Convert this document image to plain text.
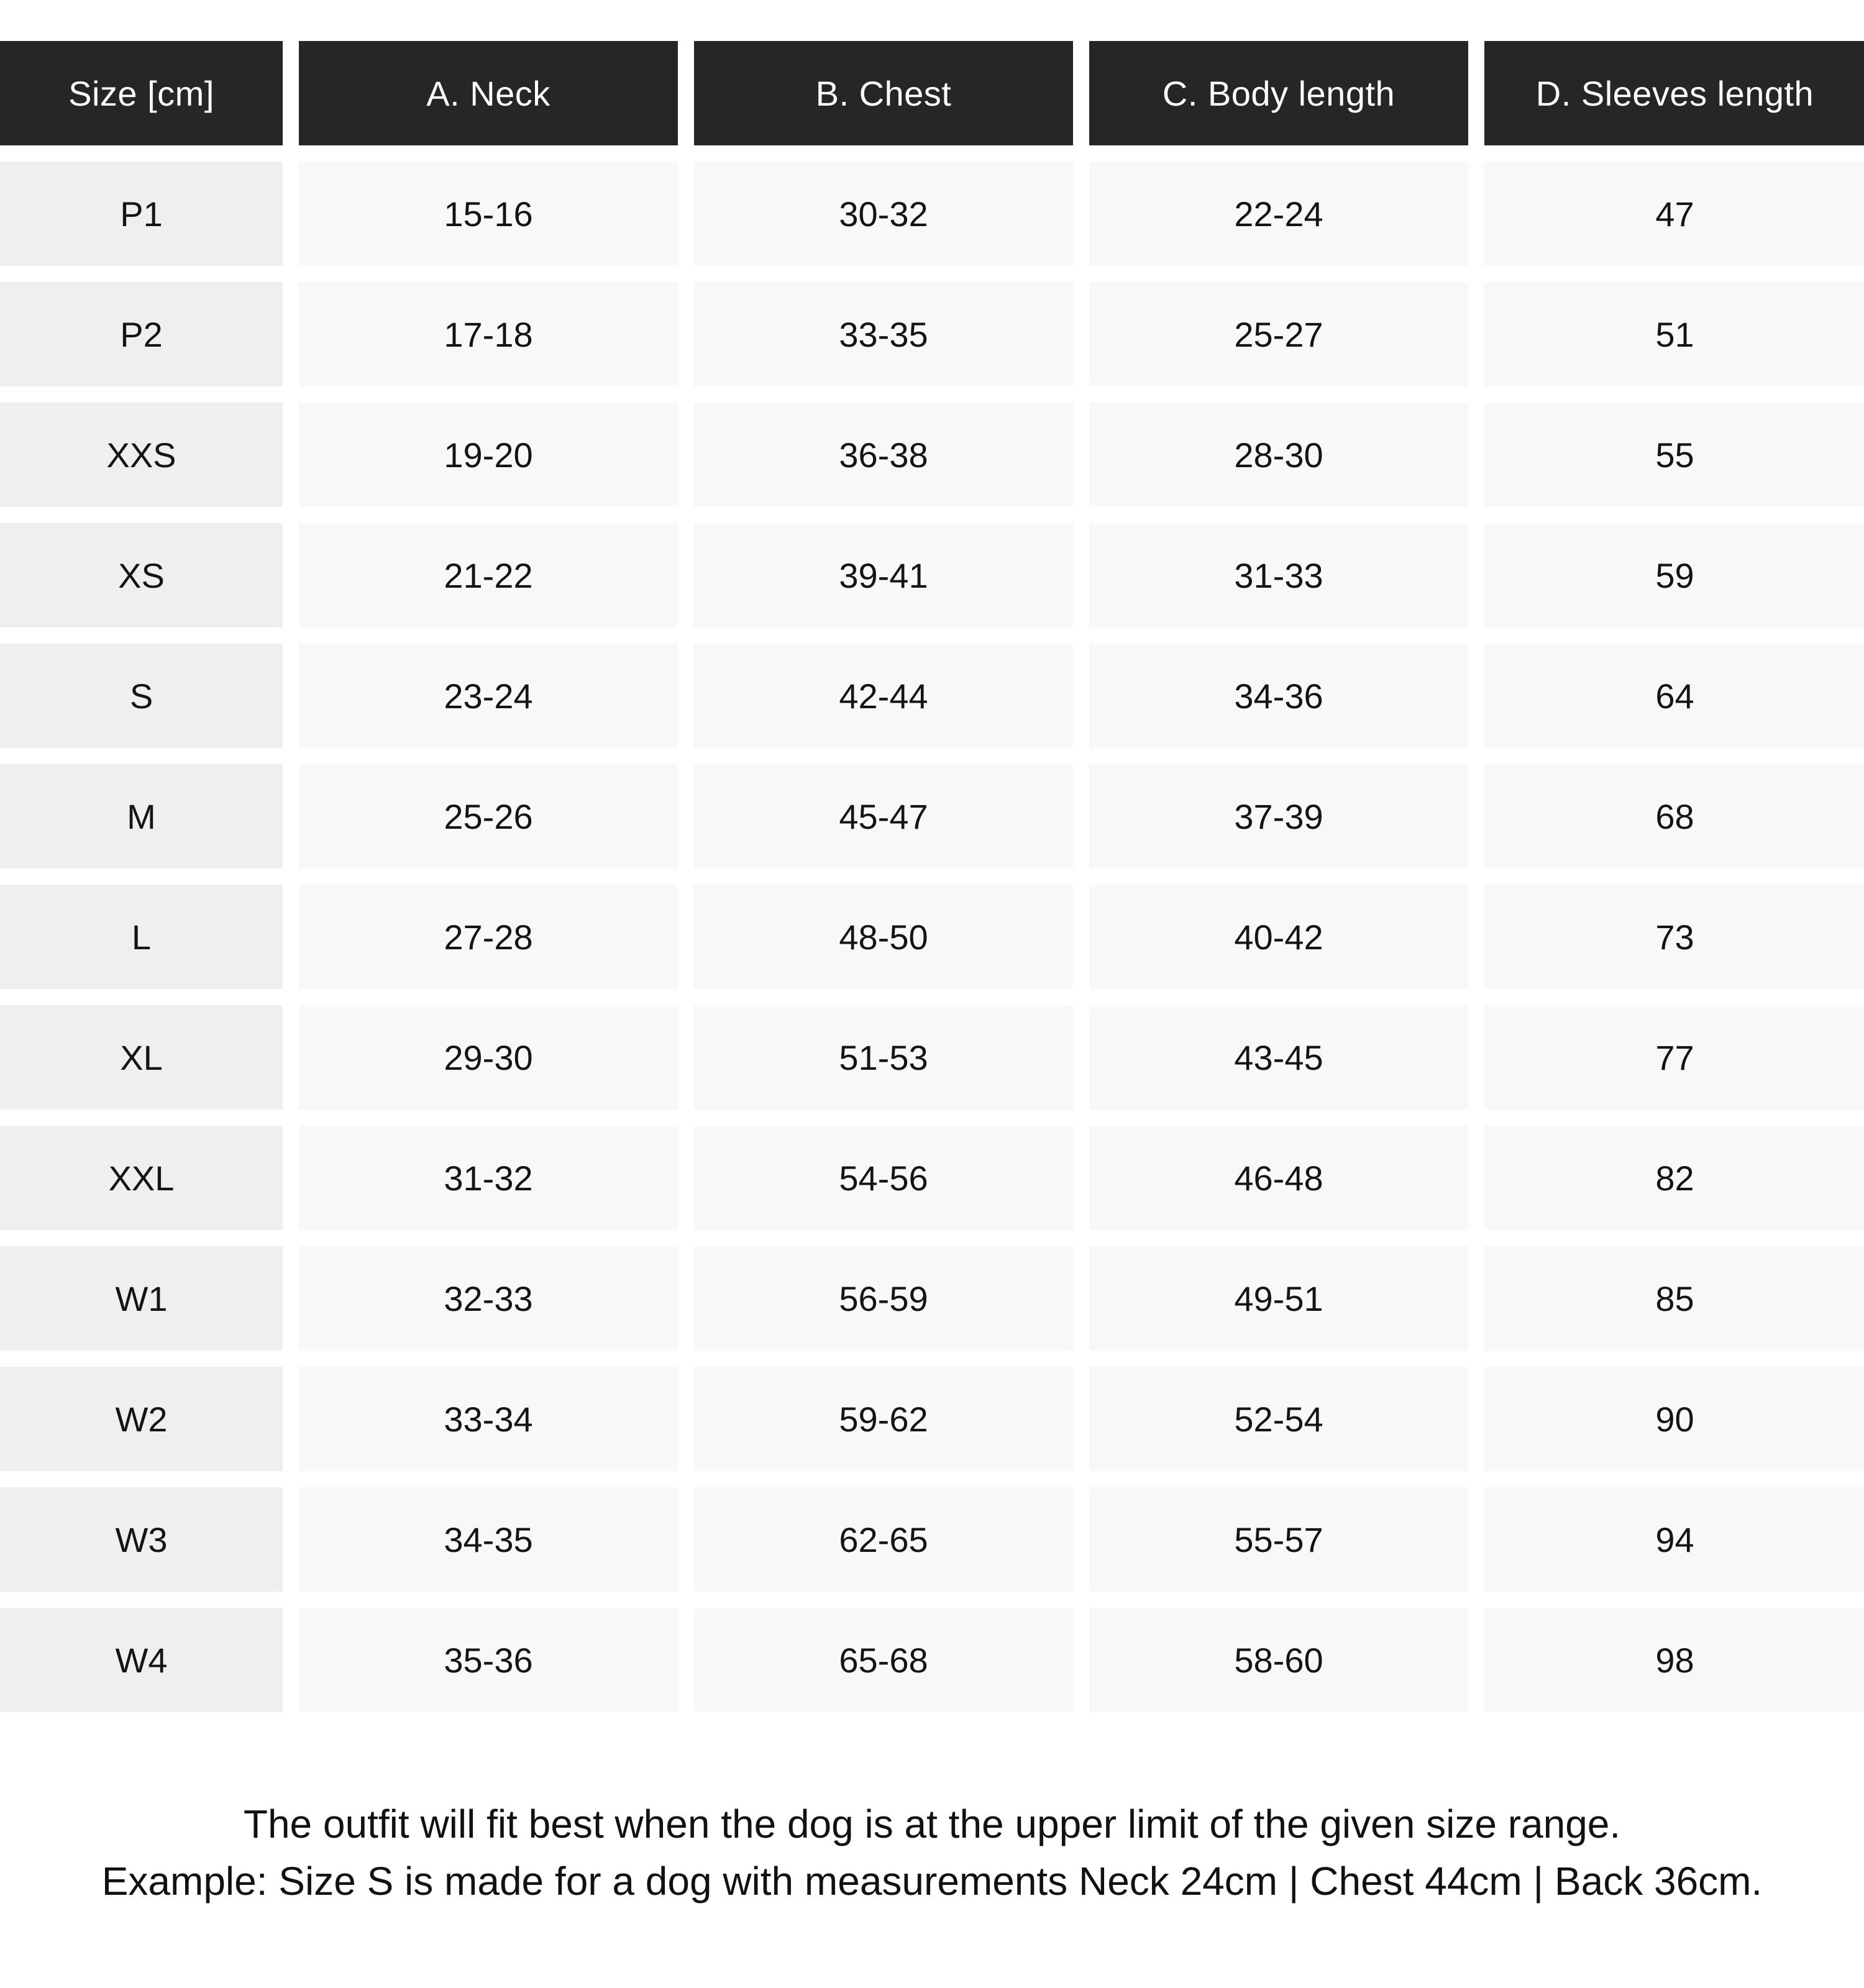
Size [cm]	A. Neck	B. Chest	C. Body length	D. Sleeves length
P1	15-16	30-32	22-24	47
P2	17-18	33-35	25-27	51
XXS	19-20	36-38	28-30	55
XS	21-22	39-41	31-33	59
S	23-24	42-44	34-36	64
M	25-26	45-47	37-39	68
L	27-28	48-50	40-42	73
XL	29-30	51-53	43-45	77
XXL	31-32	54-56	46-48	82
W1	32-33	56-59	49-51	85
W2	33-34	59-62	52-54	90
W3	34-35	62-65	55-57	94
W4	35-36	65-68	58-60	98
The outfit will fit best when the dog is at the upper limit of the given size range.
Example: Size S is made for a dog with measurements Neck 24cm | Chest 44cm | Back 36cm.
